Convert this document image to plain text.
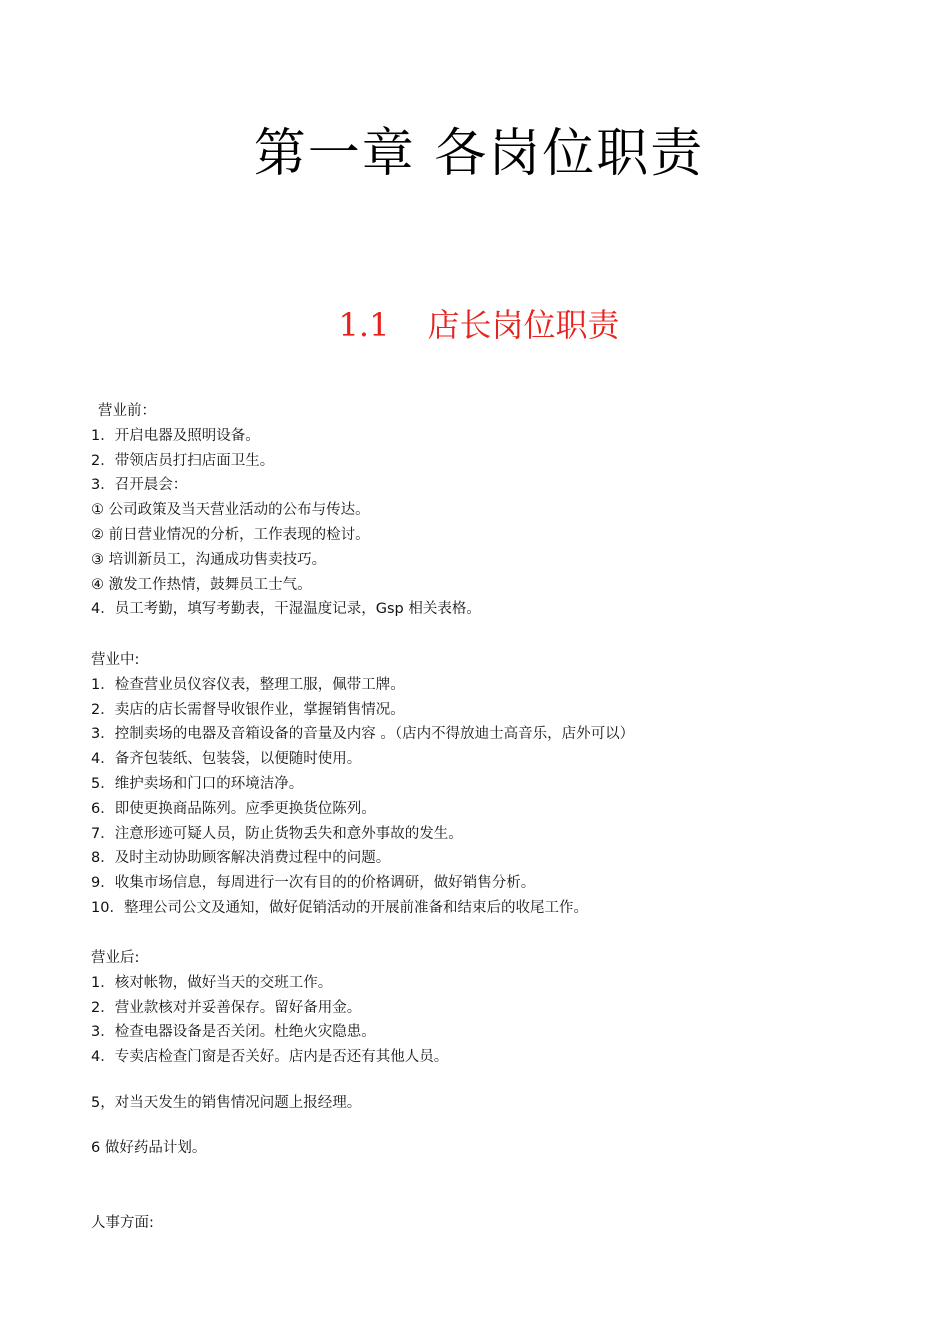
第一章 各岗位职责
1.1 店长岗位职责
营业前：
1．开启电器及照明设备。
2．带领店员打扫店面卫生。
3．召开晨会：
① 公司政策及当天营业活动的公布与传达。
② 前日营业情况的分析，工作表现的检讨。
③ 培训新员工，沟通成功售卖技巧。
④ 激发工作热情，鼓舞员工士气。
4．员工考勤，填写考勤表，干湿温度记录，Gsp 相关表格。
营业中:
1．检查营业员仪容仪表，整理工服，佩带工牌。
2．卖店的店长需督导收银作业，掌握销售情况。
3．控制卖场的电器及音箱设备的音量及内容 。（店内不得放迪士高音乐，店外可以）
4．备齐包装纸、包装袋，以便随时使用。
5．维护卖场和门口的环境洁净。
6．即使更换商品陈列。应季更换货位陈列。
7．注意形迹可疑人员，防止货物丢失和意外事故的发生。
8．及时主动协助顾客解决消费过程中的问题。
9．收集市场信息，每周进行一次有目的的价格调研，做好销售分析。
10．整理公司公文及通知，做好促销活动的开展前准备和结束后的收尾工作。
营业后:
1．核对帐物，做好当天的交班工作。
2．营业款核对并妥善保存。留好备用金。
3．检查电器设备是否关闭。杜绝火灾隐患。
4．专卖店检查门窗是否关好。店内是否还有其他人员。
5，对当天发生的销售情况问题上报经理。
6 做好药品计划。
人事方面:
